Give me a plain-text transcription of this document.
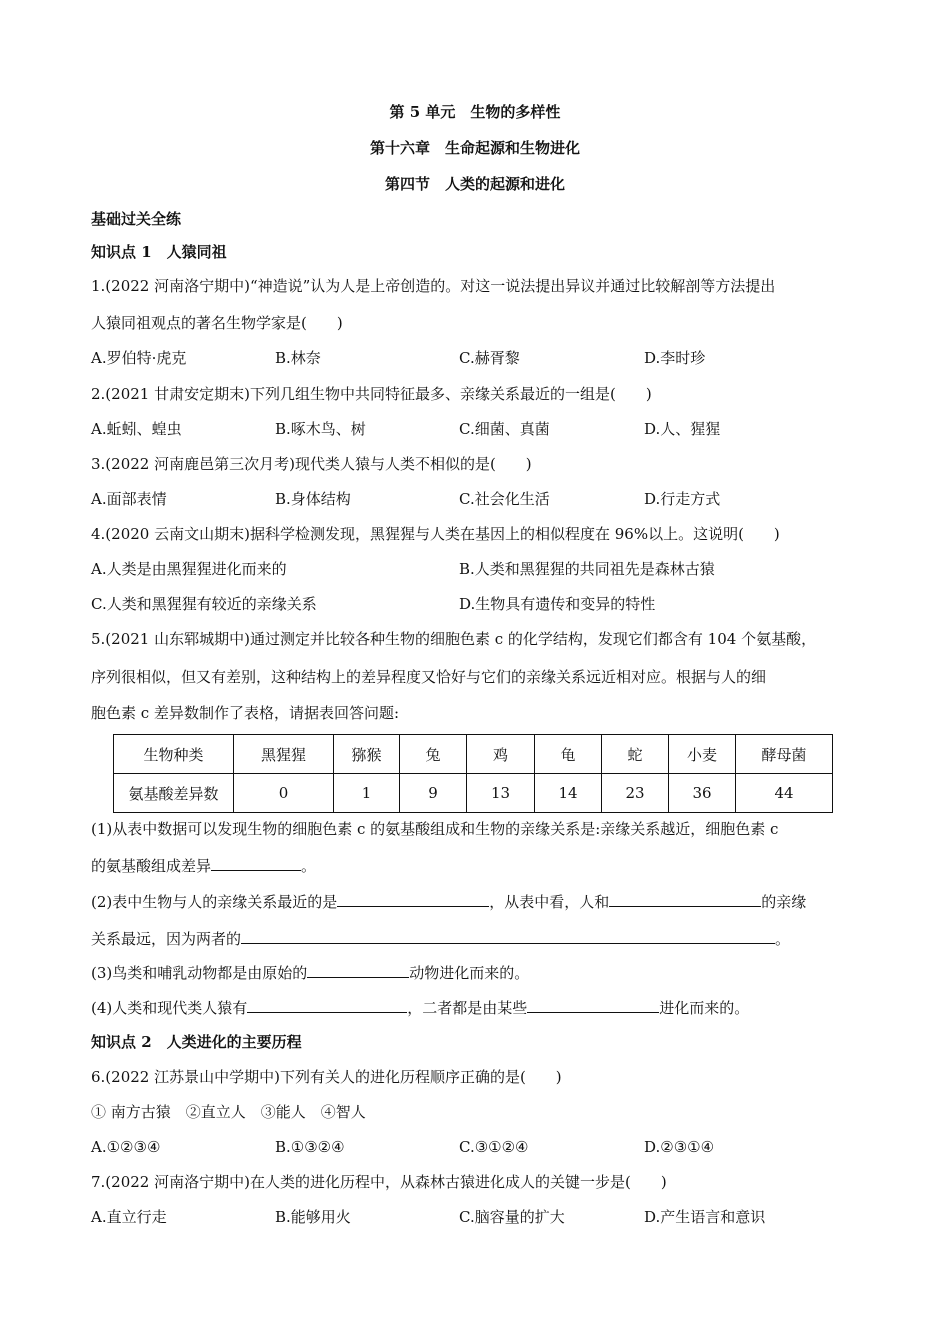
第 5 单元　生物的多样性
第十六章　生命起源和生物进化
第四节　人类的起源和进化
基础过关全练
知识点 1　人猿同祖
1.(2022 河南洛宁期中)“神造说”认为人是上帝创造的。对这一说法提出异议并通过比较解剖等方法提出
人猿同祖观点的著名生物学家是(　　)
A.罗伯特·虎克	B.林奈	C.赫胥黎	D.李时珍
2.(2021 甘肃安定期末)下列几组生物中共同特征最多、亲缘关系最近的一组是(　　)
A.蚯蚓、蝗虫	B.啄木鸟、树	C.细菌、真菌	D.人、猩猩
3.(2022 河南鹿邑第三次月考)现代类人猿与人类不相似的是(　　)
A.面部表情	B.身体结构	C.社会化生活	D.行走方式
4.(2020 云南文山期末)据科学检测发现，黑猩猩与人类在基因上的相似程度在 96%以上。这说明(　　)
A.人类是由黑猩猩进化而来的	B.人类和黑猩猩的共同祖先是森林古猿
C.人类和黑猩猩有较近的亲缘关系	D.生物具有遗传和变异的特性
5.(2021 山东郓城期中)通过测定并比较各种生物的细胞色素 c 的化学结构，发现它们都含有 104 个氨基酸，
序列很相似，但又有差别，这种结构上的差异程度又恰好与它们的亲缘关系远近相对应。根据与人的细
胞色素 c 差异数制作了表格，请据表回答问题:
生物种类	黑猩猩	猕猴	兔	鸡	龟	蛇	小麦	酵母菌
氨基酸差异数	0	1	9	13	14	23	36	44
(1)从表中数据可以发现生物的细胞色素 c 的氨基酸组成和生物的亲缘关系是:亲缘关系越近，细胞色素 c
的氨基酸组成差异	。
(2)表中生物与人的亲缘关系最近的是	，从表中看，人和	的亲缘
关系最远，因为两者的	。
(3)鸟类和哺乳动物都是由原始的	动物进化而来的。
(4)人类和现代类人猿有	，二者都是由某些	进化而来的。
知识点 2　人类进化的主要历程
6.(2022 江苏景山中学期中)下列有关人的进化历程顺序正确的是(　　)
① 南方古猿　②直立人　③能人　④智人
A.①②③④	B.①③②④	C.③①②④	D.②③①④
7.(2022 河南洛宁期中)在人类的进化历程中，从森林古猿进化成人的关键一步是(　　)
A.直立行走	B.能够用火	C.脑容量的扩大	D.产生语言和意识
